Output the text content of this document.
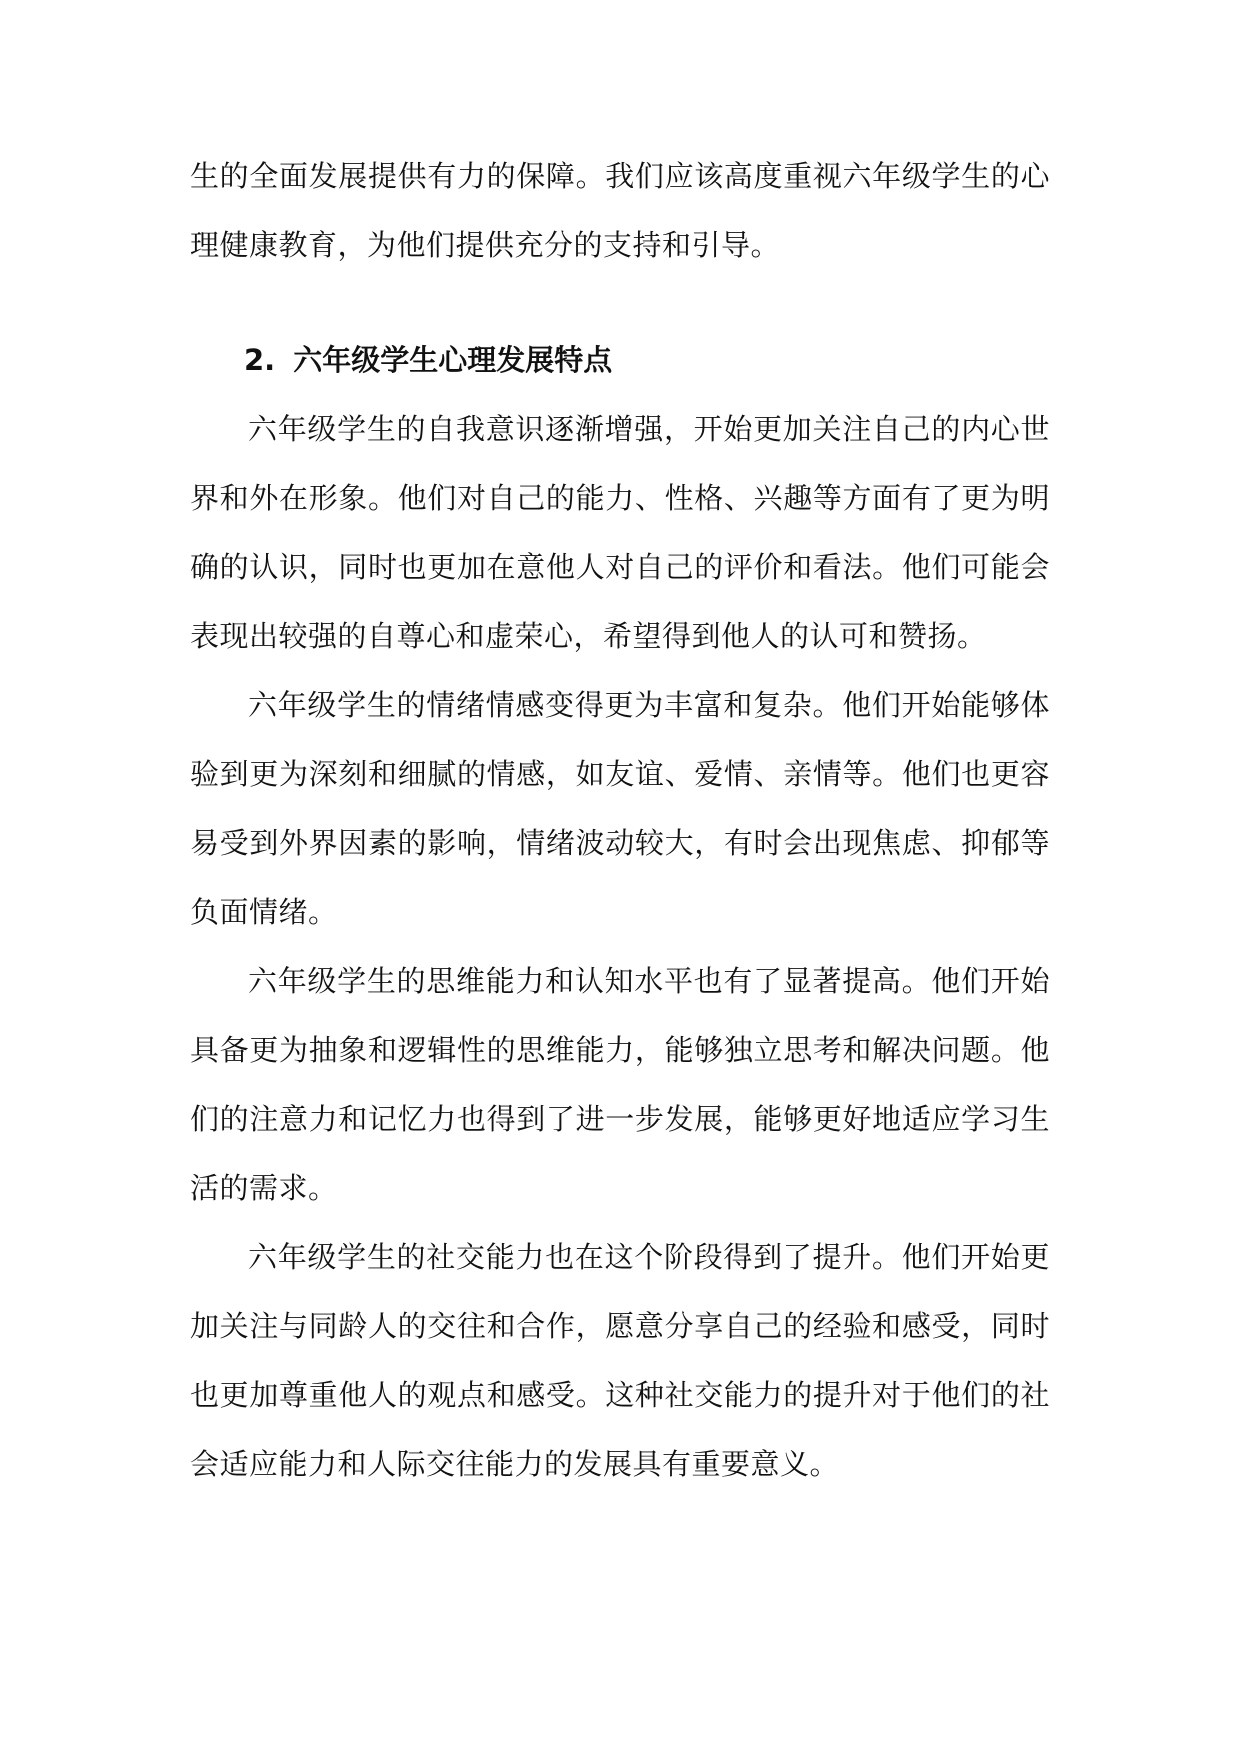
生的全面发展提供有力的保障。我们应该高度重视六年级学生的心理健康教育，为他们提供充分的支持和引导。

2. 六年级学生心理发展特点

六年级学生的自我意识逐渐增强，开始更加关注自己的内心世界和外在形象。他们对自己的能力、性格、兴趣等方面有了更为明确的认识，同时也更加在意他人对自己的评价和看法。他们可能会表现出较强的自尊心和虚荣心，希望得到他人的认可和赞扬。

六年级学生的情绪情感变得更为丰富和复杂。他们开始能够体验到更为深刻和细腻的情感，如友谊、爱情、亲情等。他们也更容易受到外界因素的影响，情绪波动较大，有时会出现焦虑、抑郁等负面情绪。

六年级学生的思维能力和认知水平也有了显著提高。他们开始具备更为抽象和逻辑性的思维能力，能够独立思考和解决问题。他们的注意力和记忆力也得到了进一步发展，能够更好地适应学习生活的需求。

六年级学生的社交能力也在这个阶段得到了提升。他们开始更加关注与同龄人的交往和合作，愿意分享自己的经验和感受，同时也更加尊重他人的观点和感受。这种社交能力的提升对于他们的社会适应能力和人际交往能力的发展具有重要意义。
